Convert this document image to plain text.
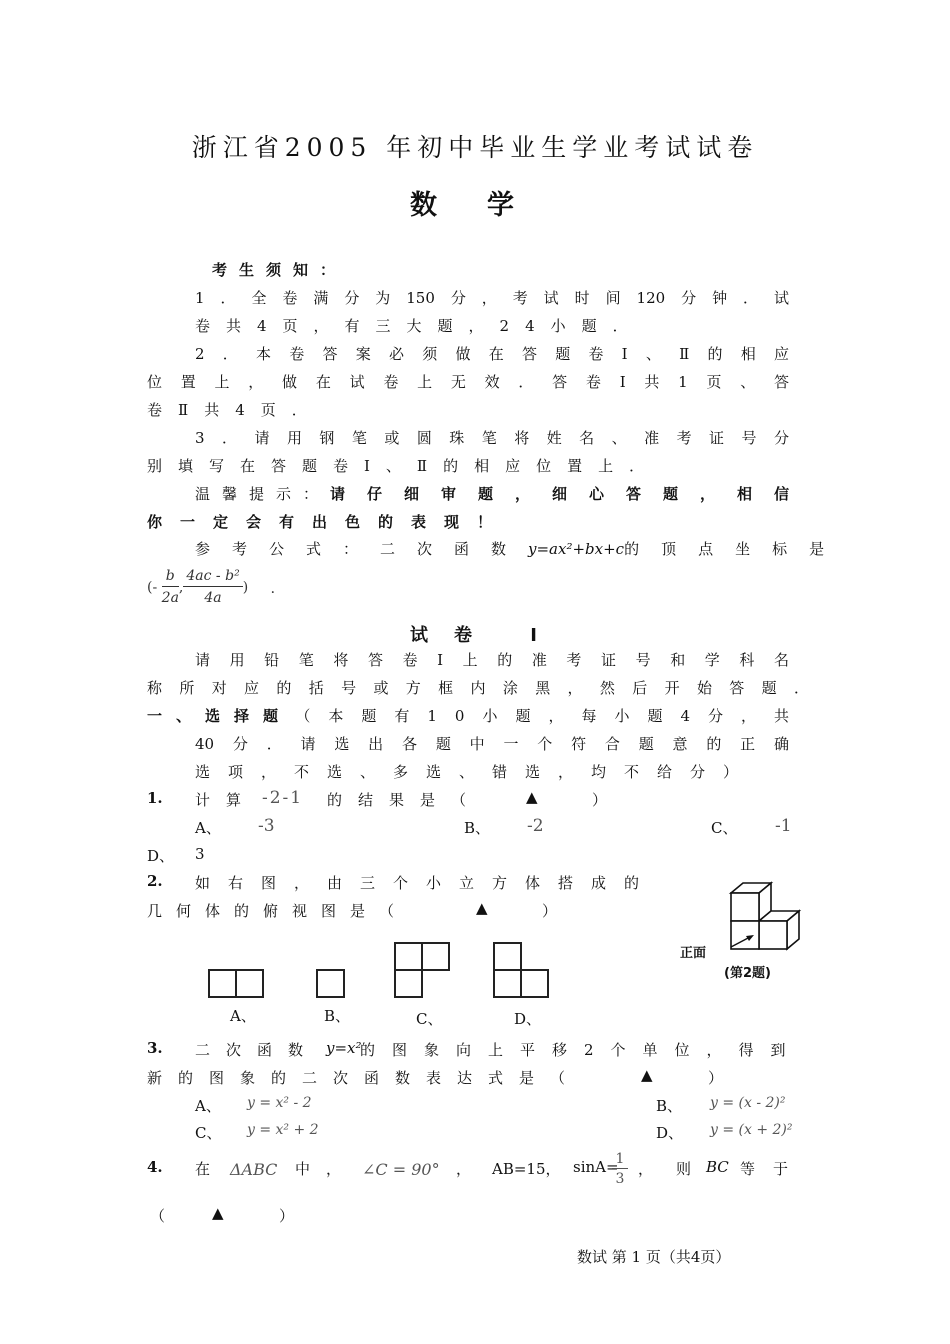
浙江省2005 年初中毕业生学业考试试卷
数学
考生须知：
1．全卷满分为150分，考试时间120分钟．试
卷共4页，有三大题，24小题．
2．本卷答案必须做在答题卷Ⅰ、Ⅱ的相应
位置上，做在试卷上无效．答卷Ⅰ共1页、答
卷Ⅱ共4页．
3．请用钢笔或圆珠笔将姓名、准考证号分
别填写在答题卷Ⅰ、Ⅱ的相应位置上．
温馨提示： 请仔细审题，细心答题，相信
你一定会有出色的表现！
参考公式：二次函数 y=ax²+bx+c 的顶点坐标是
(- $\frac{b}{2a}$ , $\frac{\text{4ac - b²}}{4a}$ ) ．
试卷 Ⅰ
请用铅笔将答卷Ⅰ上的准考证号和学科名
称所对应的括号或方框内涂黑，然后开始答题．
一、选择题 （本题有10小题，每小题4分，共
40分．请选出各题中一个符合题意的正确
选项，不选、多选、错选，均不给分）
1. 计算 -2-1 的结果是（	▲	）
A、 -3	B、 -2	C、 -1
D、 3
2. 如右图，由三个小立方体搭成的
几何体的俯视图是（	▲	）
正面
(第2题)
A、	B、	C、	D、
3. 二次函数 y=x²
的图象向上平移2个单位，得到
新的图象的二次函数表达式是（	▲	）
A、 y = x² - 2	B、 y = (x - 2)²
C、 y = x² + 2	D、 y = (x + 2)²
4. 在 ΔABC 中， ∠C = 90° ， AB=15， sinA=
$\frac{1}{3}$ ， 则 BC 等于
（	▲	）
数试 第 1 页（共4页）
